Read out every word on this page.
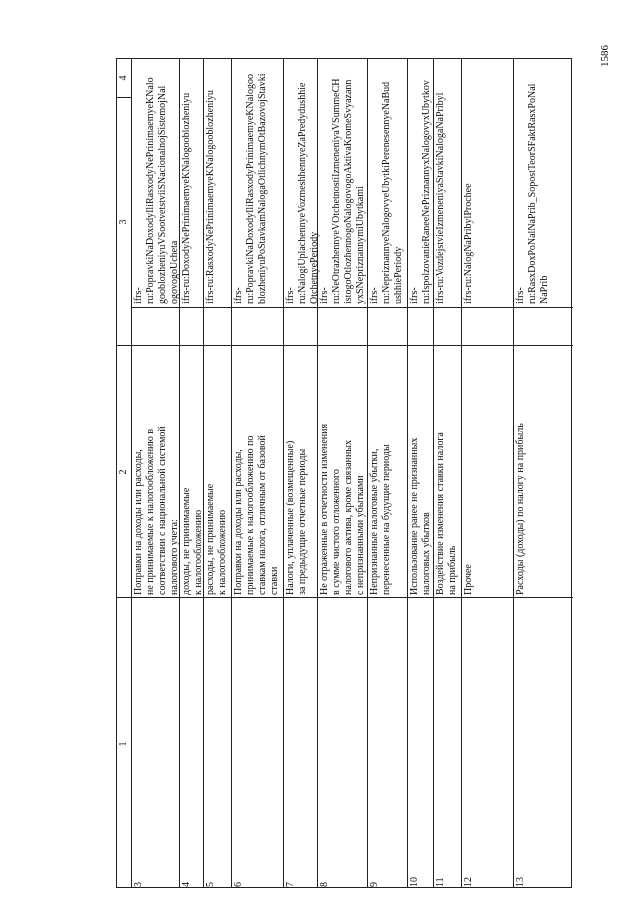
1586
4
3
2
1
ifrs-
ru:PopravkiNaDoxodyIliRasxodyNePrinimaemyeKNalo
gooblozheniyuVSootvetstviiSNacionalnojSistemojNal
ogovogoUcheta
Поправки на доходы или расходы,
не принимаемые к налогообложению в
соответствии с национальной системой
налогового учета:
3
ifrs-ru:DoxodyNePrinimaemyeKNalogooblozheniyu
доходы, не принимаемые
к налогообложению
4
ifrs-ru:RasxodyNePrinimaemyeKNalogooblozheniyu
расходы, не принимаемые
к налогообложению
5
ifrs-
ru:PopravkiNaDoxodyIliRasxodyPrinimaemyeKNalogoo
blozheniyuPoStavkamNalogaOtlichnymOtBazovojStavki
Поправки на доходы или расходы,
принимаемые к налогообложению по
ставкам налога, отличным от базовой
ставки
6
ifrs-
ru:NalogiUplachennyeVozmeshhennyeZaPredydushhie
OtchetnyePeriody
Налоги, уплаченные (возмещенные)
за предыдущие отчетные периоды
7
ifrs-
ru:NeOtrazhennyeVOtchetnostiIzmeneniyaVSummeCH
istogoOtlozhennogoNalogovogoAktivaKromeSvyazann
yxSNepriznannymiUbytkami
Не отраженные в отчетности изменения
в сумме чистого отложенного
налогового актива, кроме связанных
с непризнанными убытками
8
ifrs-
ru:NepriznannyeNalogovyeUbytkiPerenesennyeNaBud
ushhiePeriody
Непризнанные налоговые убытки,
перенесенные на будущие периоды
9
ifrs-
ru:IspolzovanieRaneeNePriznannyxNalogovyxUbytkov
Использование ранее не признанных
налоговых убытков
10
ifrs-ru:VozdejstvieIzmeneniyaStavkiNalogaNaPribyl
Воздействие изменения ставки налога
на прибыль
11
ifrs-ru:NalogNaPribylProchee
Прочее
12
ifrs-
ru:RasxDoxPoNalNaPrib_SopostTeorSFaktRasxPoNal
NaPrib
Расходы (доходы) по налогу на прибыль
13
